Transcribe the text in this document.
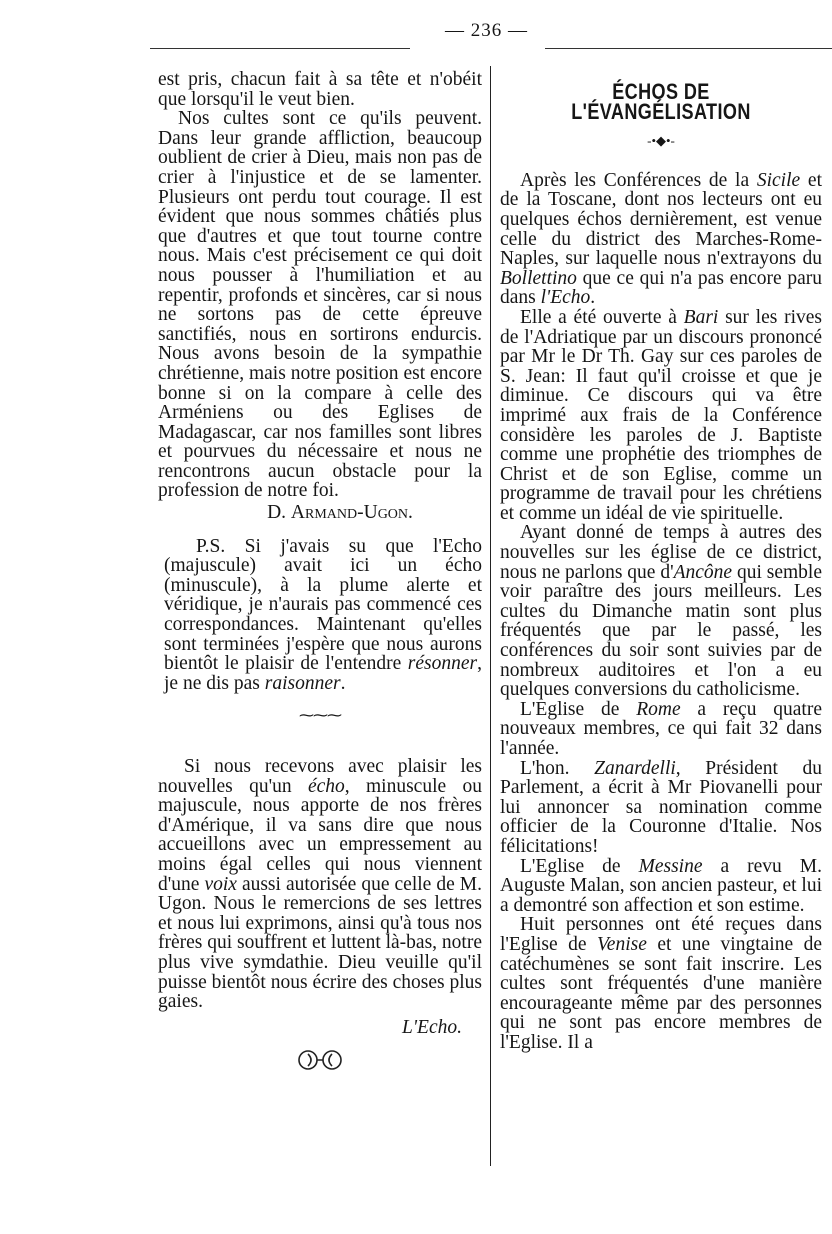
— 236 —

est pris, chacun fait à sa tête et n'obéit que lorsqu'il le veut bien.

Nos cultes sont ce qu'ils peuvent. Dans leur grande affliction, beaucoup oublient de crier à Dieu, mais non pas de crier à l'injustice et de se lamenter. Plusieurs ont perdu tout courage. Il est évident que nous sommes châtiés plus que d'autres et que tout tourne contre nous. Mais c'est précisement ce qui doit nous pousser à l'humiliation et au repentir, profonds et sincères, car si nous ne sortons pas de cette épreuve sanctifiés, nous en sortirons endurcis. Nous avons besoin de la sympathie chrétienne, mais notre position est encore bonne si on la compare à celle des Arméniens ou des Eglises de Madagascar, car nos familles sont libres et pourvues du nécessaire et nous ne rencontrons aucun obstacle pour la profession de notre foi.

D. Armand-Ugon.

P.S. Si j'avais su que l'Echo (majuscule) avait ici un écho (minuscule), à la plume alerte et véridique, je n'aurais pas commencé ces correspondances. Maintenant qu'elles sont terminées j'espère que nous aurons bientôt le plaisir de l'entendre résonner, je ne dis pas raisonner.

⁓⁓⁓

Si nous recevons avec plaisir les nouvelles qu'un écho, minuscule ou majuscule, nous apporte de nos frères d'Amérique, il va sans dire que nous accueillons avec un empressement au moins égal celles qui nous viennent d'une voix aussi autorisée que celle de M. Ugon. Nous le remercions de ses lettres et nous lui exprimons, ainsi qu'à tous nos frères qui souffrent et luttent là-bas, notre plus vive symdathie. Dieu veuille qu'il puisse bientôt nous écrire des choses plus gaies.

L'Echo.

ÉCHOS DE L'ÉVANGÉLISATION
-•◆•-

Après les Conférences de la Sicile et de la Toscane, dont nos lecteurs ont eu quelques échos dernièrement, est venue celle du district des Marches-Rome-Naples, sur laquelle nous n'extrayons du Bollettino que ce qui n'a pas encore paru dans l'Echo.

Elle a été ouverte à Bari sur les rives de l'Adriatique par un discours prononcé par Mr le Dr Th. Gay sur ces paroles de S. Jean: Il faut qu'il croisse et que je diminue. Ce discours qui va être imprimé aux frais de la Conférence considère les paroles de J. Baptiste comme une prophétie des triomphes de Christ et de son Eglise, comme un programme de travail pour les chrétiens et comme un idéal de vie spirituelle.

Ayant donné de temps à autres des nouvelles sur les église de ce district, nous ne parlons que d'Ancône qui semble voir paraître des jours meilleurs. Les cultes du Dimanche matin sont plus fréquentés que par le passé, les conférences du soir sont suivies par de nombreux auditoires et l'on a eu quelques conversions du catholicisme.

L'Eglise de Rome a reçu quatre nouveaux membres, ce qui fait 32 dans l'année.

L'hon. Zanardelli, Président du Parlement, a écrit à Mr Piovanelli pour lui annoncer sa nomination comme officier de la Couronne d'Italie. Nos félicitations!

L'Eglise de Messine a revu M. Auguste Malan, son ancien pasteur, et lui a demontré son affection et son estime.

Huit personnes ont été reçues dans l'Eglise de Venise et une vingtaine de catéchumènes se sont fait inscrire. Les cultes sont fréquentés d'une manière encourageante même par des personnes qui ne sont pas encore membres de l'Eglise. Il a
